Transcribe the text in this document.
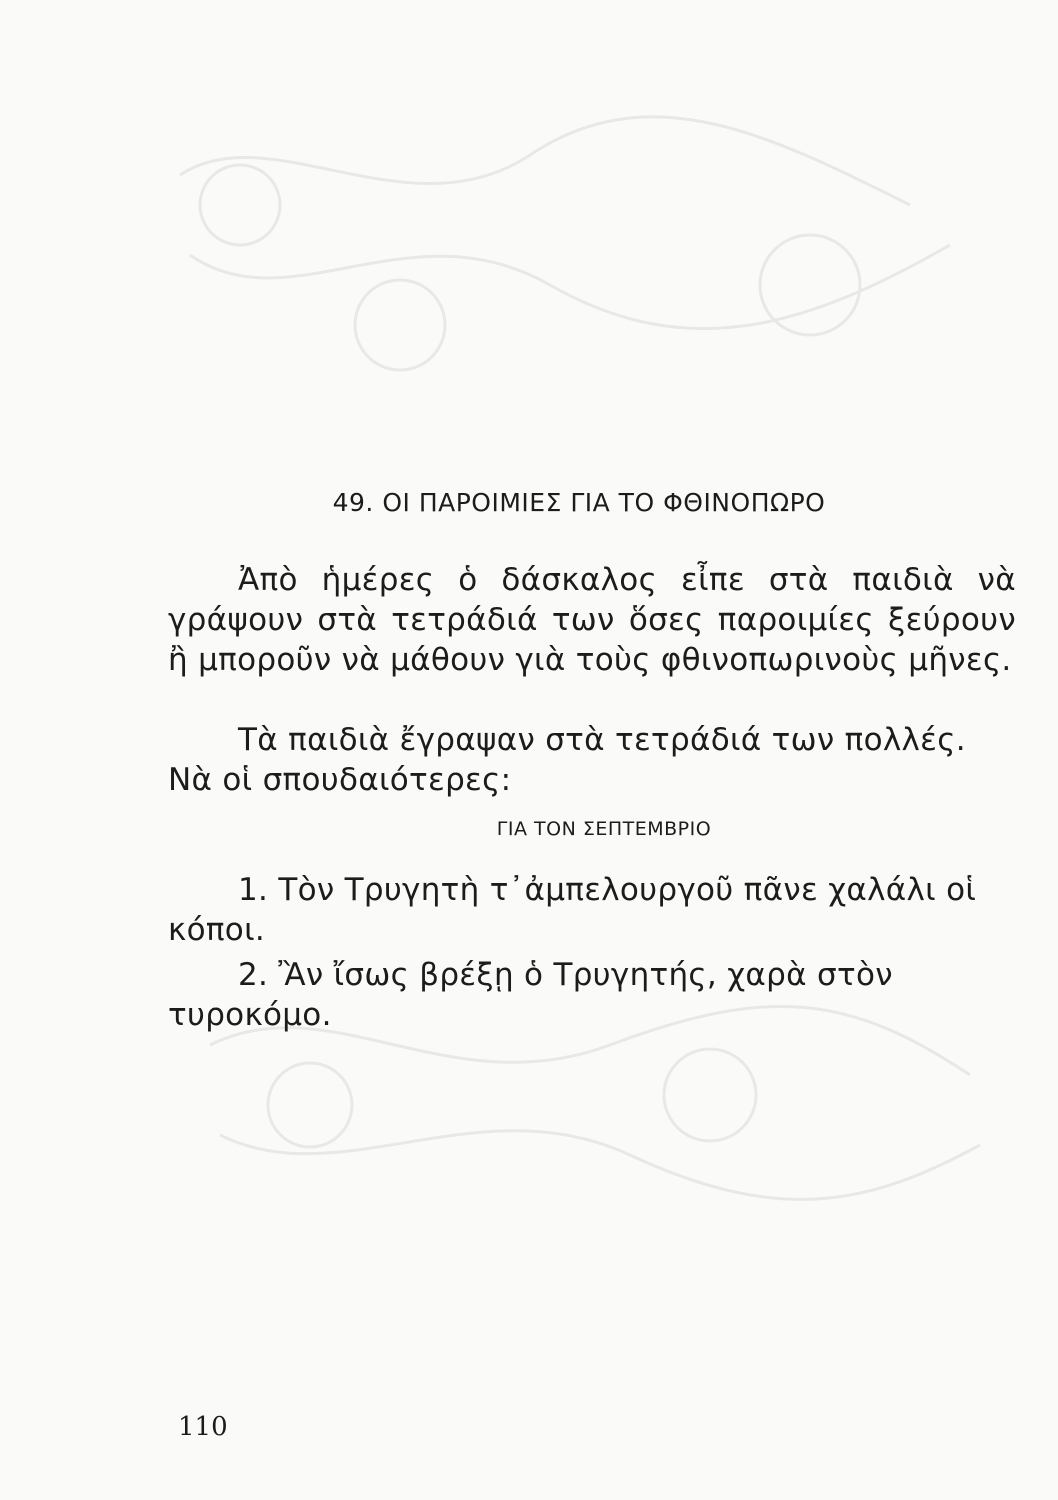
49. ΟΙ ΠΑΡΟΙΜΙΕΣ ΓΙΑ ΤΟ ΦΘΙΝΟΠΩΡΟ

Ἀπὸ ἡμέρες ὁ δάσκαλος εἶπε στὰ παιδιὰ νὰ γράψουν στὰ τετράδιά των ὅσες παροιμίες ξεύρουν ἢ μποροῦν νὰ μάθουν γιὰ τοὺς φθινοπωρινοὺς μῆνες.

Τὰ παιδιὰ ἔγραψαν στὰ τετράδιά των πολλές. Νὰ οἱ σπουδαιότερες:

ΓΙΑ ΤΟΝ ΣΕΠΤΕΜΒΡΙΟ

1. Τὸν Τρυγητὴ τ᾿ἀμπελουργοῦ πᾶνε χαλάλι οἱ κόποι.

2. Ἂν ἴσως βρέξῃ ὁ Τρυγητής, χαρὰ στὸν τυροκόμο.

110
